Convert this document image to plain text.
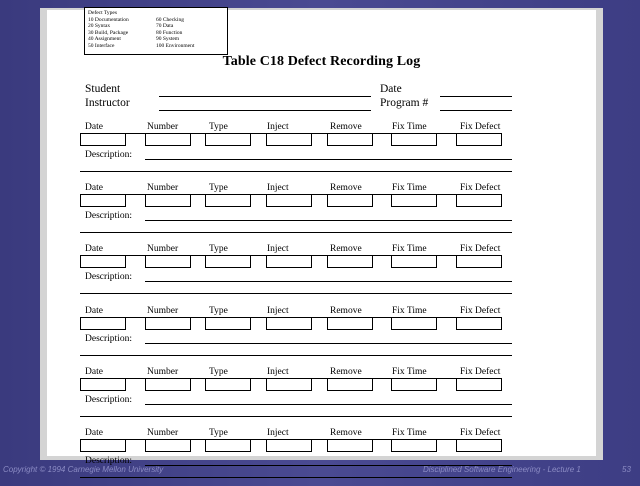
Defect Types
10 Documentation	60 Checking
20 Syntax	70 Data
30 Build, Package	80 Function
40 Assignment	90 System
50 Interface	100 Environment
Table C18 Defect Recording Log
Student	Date
Instructor	Program #
Date	Number	Type	Inject	Remove	Fix Time	Fix Defect
Description:
Date	Number	Type	Inject	Remove	Fix Time	Fix Defect
Description:
Date	Number	Type	Inject	Remove	Fix Time	Fix Defect
Description:
Date	Number	Type	Inject	Remove	Fix Time	Fix Defect
Description:
Date	Number	Type	Inject	Remove	Fix Time	Fix Defect
Description:
Date	Number	Type	Inject	Remove	Fix Time	Fix Defect
Description:
Copyright © 1994 Carnegie Mellon University	Disciplined Software Engineering - Lecture 1	53
